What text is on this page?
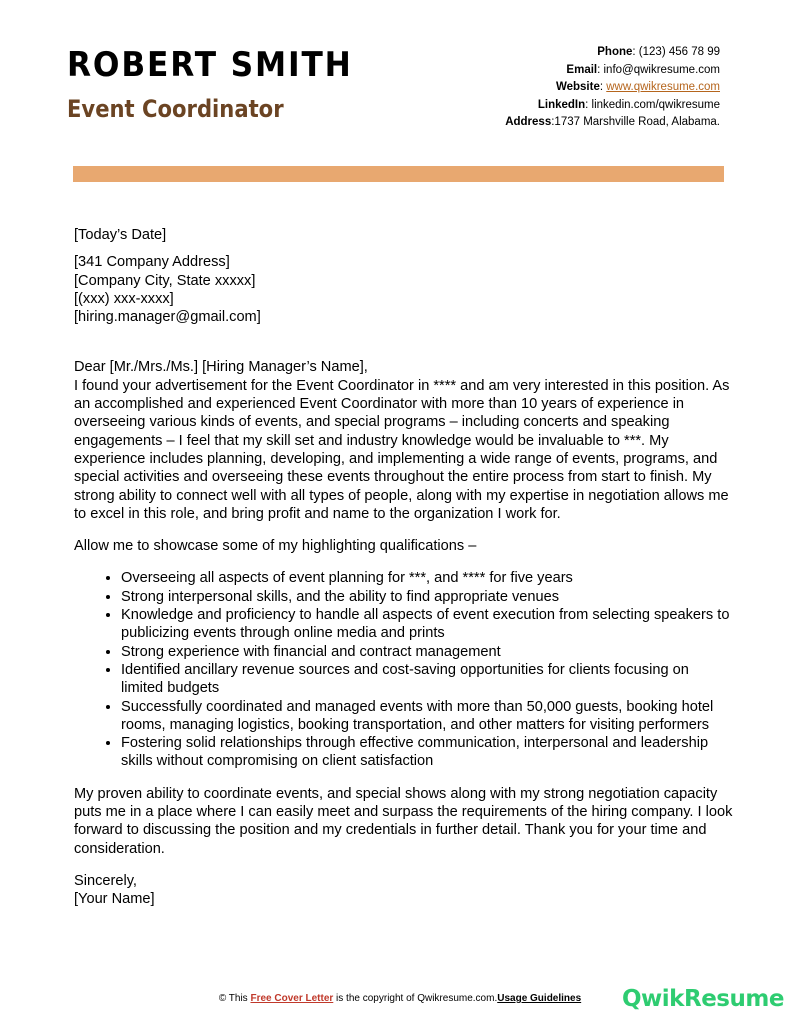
ROBERT SMITH
Event Coordinator
Phone: (123) 456 78 99
Email: info@qwikresume.com
Website: www.qwikresume.com
LinkedIn: linkedin.com/qwikresume
Address:1737 Marshville Road, Alabama.

[Today’s Date]

[341 Company Address]

[Company City, State xxxxx]

[(xxx) xxx-xxxx]

[hiring.manager@gmail.com]

Dear [Mr./Mrs./Ms.] [Hiring Manager’s Name],

I found your advertisement for the Event Coordinator in **** and am very interested in this position. As an accomplished and experienced Event Coordinator with more than 10 years of experience in overseeing various kinds of events, and special programs – including concerts and speaking engagements – I feel that my skill set and industry knowledge would be invaluable to ***. My experience includes planning, developing, and implementing a wide range of events, programs, and special activities and overseeing these events throughout the entire process from start to finish. My strong ability to connect well with all types of people, along with my expertise in negotiation allows me to excel in this role, and bring profit and name to the organization I work for.

Allow me to showcase some of my highlighting qualifications –

• Overseeing all aspects of event planning for ***, and **** for five years
• Strong interpersonal skills, and the ability to find appropriate venues
• Knowledge and proficiency to handle all aspects of event execution from selecting speakers to publicizing events through online media and prints
• Strong experience with financial and contract management
• Identified ancillary revenue sources and cost-saving opportunities for clients focusing on limited budgets
• Successfully coordinated and managed events with more than 50,000 guests, booking hotel rooms, managing logistics, booking transportation, and other matters for visiting performers
• Fostering solid relationships through effective communication, interpersonal and leadership skills without compromising on client satisfaction

My proven ability to coordinate events, and special shows along with my strong negotiation capacity puts me in a place where I can easily meet and surpass the requirements of the hiring company. I look forward to discussing the position and my credentials in further detail. Thank you for your time and consideration.

Sincerely,

[Your Name]

© This Free Cover Letter is the copyright of Qwikresume.com.Usage Guidelines	QwikResume
